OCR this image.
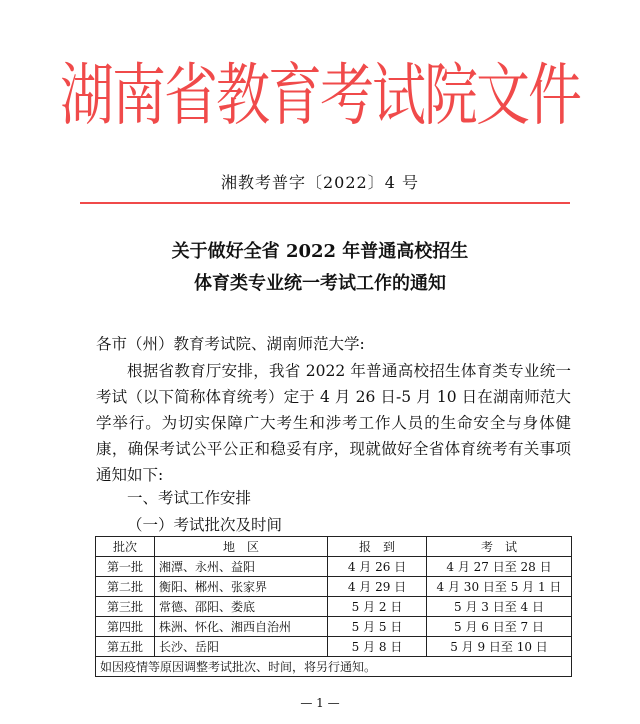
湖南省教育考试院文件
湘教考普字〔2022〕4 号
关于做好全省 2022 年普通高校招生
体育类专业统一考试工作的通知
各市（州）教育考试院、湖南师范大学:
根据省教育厅安排，我省 2022 年普通高校招生体育类专业统一考试（以下简称体育统考）定于 4 月 26 日-5 月 10 日在湖南师范大学举行。为切实保障广大考生和涉考工作人员的生命安全与身体健康，确保考试公平公正和稳妥有序，现就做好全省体育统考有关事项通知如下:
一、考试工作安排
（一）考试批次及时间
批次	地　区	报　到	考　试
第一批	湘潭、永州、益阳	4 月 26 日	4 月 27 日至 28 日
第二批	衡阳、郴州、张家界	4 月 29 日	4 月 30 日至 5 月 1 日
第三批	常德、邵阳、娄底	5 月 2 日	5 月 3 日至 4 日
第四批	株洲、怀化、湘西自治州	5 月 5 日	5 月 6 日至 7 日
第五批	长沙、岳阳	5 月 8 日	5 月 9 日至 10 日
如因疫情等原因调整考试批次、时间，将另行通知。			
— 1 —
